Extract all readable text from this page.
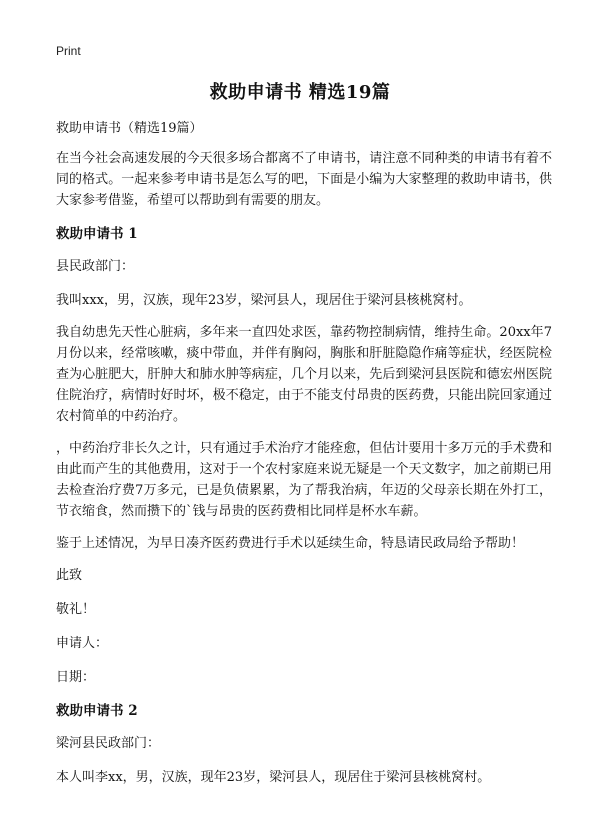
Print
救助申请书 精选19篇

救助申请书（精选19篇）

在当今社会高速发展的今天很多场合都离不了申请书，请注意不同种类的申请书有着不同的格式。一起来参考申请书是怎么写的吧，下面是小编为大家整理的救助申请书，供大家参考借鉴，希望可以帮助到有需要的朋友。

救助申请书 1

县民政部门：

我叫xxx，男，汉族，现年23岁，梁河县人，现居住于梁河县核桃窝村。

我自幼患先天性心脏病，多年来一直四处求医，靠药物控制病情，维持生命。20xx年7月份以来，经常咳嗽，痰中带血，并伴有胸闷，胸胀和肝脏隐隐作痛等症状，经医院检查为心脏肥大，肝肿大和肺水肿等病症，几个月以来，先后到梁河县医院和德宏州医院住院治疗，病情时好时坏，极不稳定，由于不能支付昂贵的医药费，只能出院回家通过农村简单的中药治疗。

，中药治疗非长久之计，只有通过手术治疗才能痊愈，但估计要用十多万元的手术费和由此而产生的其他费用，这对于一个农村家庭来说无疑是一个天文数字，加之前期已用去检查治疗费7万多元，已是负债累累，为了帮我治病，年迈的父母亲长期在外打工，节衣缩食，然而攒下的`钱与昂贵的医药费相比同样是杯水车薪。

鉴于上述情况，为早日凑齐医药费进行手术以延续生命，特恳请民政局给予帮助！

此致

敬礼！

申请人：

日期：

救助申请书 2

梁河县民政部门：

本人叫李xx，男，汉族，现年23岁，梁河县人，现居住于梁河县核桃窝村。
